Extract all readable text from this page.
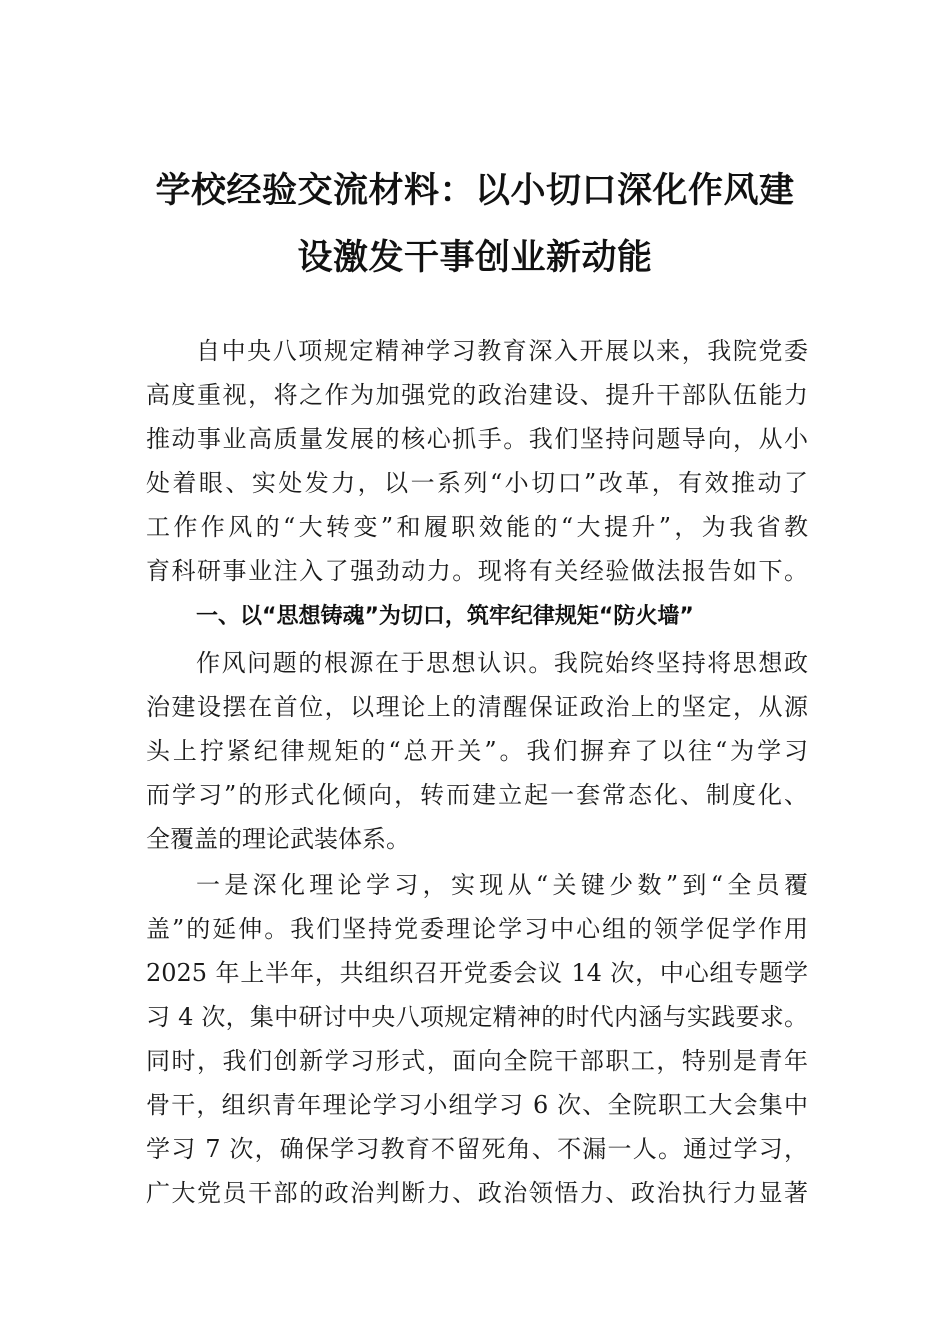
学校经验交流材料：以小切口深化作风建
设激发干事创业新动能
自中央八项规定精神学习教育深入开展以来，我院党委
高度重视，将之作为加强党的政治建设、提升干部队伍能力
推动事业高质量发展的核心抓手。我们坚持问题导向，从小
处着眼、实处发力，以一系列“小切口”改革，有效推动了
工作作风的“大转变”和履职效能的“大提升”，为我省教
育科研事业注入了强劲动力。现将有关经验做法报告如下。
一、以“思想铸魂”为切口，筑牢纪律规矩“防火墙”
作风问题的根源在于思想认识。我院始终坚持将思想政
治建设摆在首位，以理论上的清醒保证政治上的坚定，从源
头上拧紧纪律规矩的“总开关”。我们摒弃了以往“为学习
而学习”的形式化倾向，转而建立起一套常态化、制度化、
全覆盖的理论武装体系。
一是深化理论学习，实现从“关键少数”到“全员覆
盖”的延伸。我们坚持党委理论学习中心组的领学促学作用
2025 年上半年，共组织召开党委会议 14 次，中心组专题学
习 4 次，集中研讨中央八项规定精神的时代内涵与实践要求。
同时，我们创新学习形式，面向全院干部职工，特别是青年
骨干，组织青年理论学习小组学习 6 次、全院职工大会集中
学习 7 次，确保学习教育不留死角、不漏一人。通过学习，
广大党员干部的政治判断力、政治领悟力、政治执行力显著
